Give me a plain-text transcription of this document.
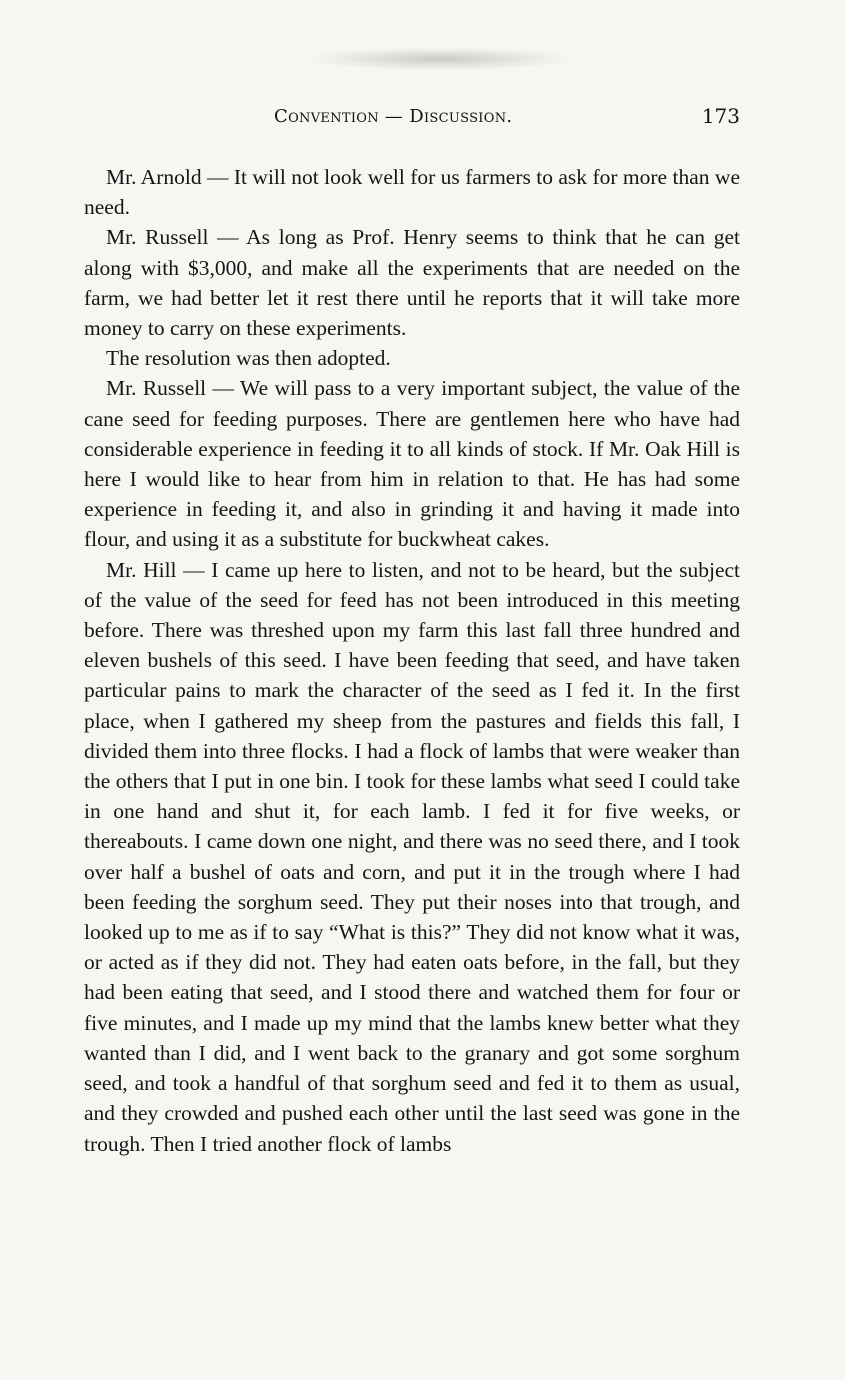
Convention — Discussion.	173

Mr. Arnold — It will not look well for us farmers to ask for more than we need.

Mr. Russell — As long as Prof. Henry seems to think that he can get along with $3,000, and make all the experiments that are needed on the farm, we had better let it rest there until he reports that it will take more money to carry on these experiments.

The resolution was then adopted.

Mr. Russell — We will pass to a very important subject, the value of the cane seed for feeding purposes. There are gentlemen here who have had considerable experience in feeding it to all kinds of stock. If Mr. Oak Hill is here I would like to hear from him in relation to that. He has had some experience in feeding it, and also in grinding it and having it made into flour, and using it as a substitute for buckwheat cakes.

Mr. Hill — I came up here to listen, and not to be heard, but the subject of the value of the seed for feed has not been introduced in this meeting before. There was threshed upon my farm this last fall three hundred and eleven bushels of this seed. I have been feeding that seed, and have taken particular pains to mark the character of the seed as I fed it. In the first place, when I gathered my sheep from the pastures and fields this fall, I divided them into three flocks. I had a flock of lambs that were weaker than the others that I put in one bin. I took for these lambs what seed I could take in one hand and shut it, for each lamb. I fed it for five weeks, or thereabouts. I came down one night, and there was no seed there, and I took over half a bushel of oats and corn, and put it in the trough where I had been feeding the sorghum seed. They put their noses into that trough, and looked up to me as if to say “What is this?” They did not know what it was, or acted as if they did not. They had eaten oats before, in the fall, but they had been eating that seed, and I stood there and watched them for four or five minutes, and I made up my mind that the lambs knew better what they wanted than I did, and I went back to the granary and got some sorghum seed, and took a handful of that sorghum seed and fed it to them as usual, and they crowded and pushed each other until the last seed was gone in the trough. Then I tried another flock of lambs
